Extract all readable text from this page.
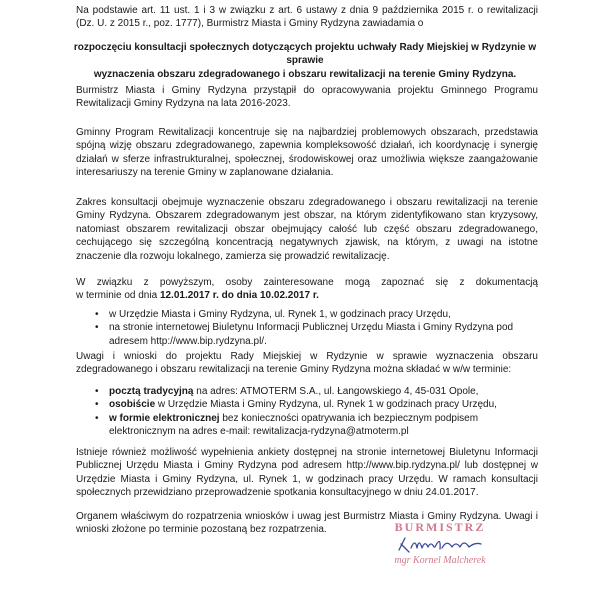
Na podstawie art. 11 ust. 1 i 3 w związku z art. 6 ustawy z dnia 9 października 2015 r. o rewitalizacji
(Dz. U. z 2015 r., poz. 1777), Burmistrz Miasta i Gminy Rydzyna zawiadamia o

rozpoczęciu konsultacji społecznych dotyczących projektu uchwały Rady Miejskiej w Rydzynie w sprawie
wyznaczenia obszaru zdegradowanego i obszaru rewitalizacji na terenie Gminy Rydzyna.

Burmistrz Miasta i Gminy Rydzyna przystąpił do opracowywania projektu Gminnego Programu Rewitalizacji Gminy Rydzyna na lata 2016-2023.

Gminny Program Rewitalizacji koncentruje się na najbardziej problemowych obszarach, przedstawia spójną wizję obszaru zdegradowanego, zapewnia kompleksowość działań, ich koordynację i synergię działań w sferze infrastrukturalnej, społecznej, środowiskowej oraz umożliwia większe zaangażowanie interesariuszy na terenie Gminy w zaplanowane działania.

Zakres konsultacji obejmuje wyznaczenie obszaru zdegradowanego i obszaru rewitalizacji na terenie Gminy Rydzyna. Obszarem zdegradowanym jest obszar, na którym zidentyfikowano stan kryzysowy, natomiast obszarem rewitalizacji obszar obejmujący całość lub część obszaru zdegradowanego, cechującego się szczególną koncentracją negatywnych zjawisk, na którym, z uwagi na istotne znaczenie dla rozwoju lokalnego, zamierza się prowadzić rewitalizację.

W związku z powyższym, osoby zainteresowane mogą zapoznać się z dokumentacją
w terminie od dnia 12.01.2017 r. do dnia 10.02.2017 r.

• w Urzędzie Miasta i Gminy Rydzyna, ul. Rynek 1, w godzinach pracy Urzędu,
• na stronie internetowej Biuletynu Informacji Publicznej Urzędu Miasta i Gminy Rydzyna pod adresem http://www.bip.rydzyna.pl/.

Uwagi i wnioski do projektu Rady Miejskiej w Rydzynie w sprawie wyznaczenia obszaru zdegradowanego i obszaru rewitalizacji na terenie Gminy Rydzyna można składać w w/w terminie:

• pocztą tradycyjną na adres: ATMOTERM S.A., ul. Łangowskiego 4, 45-031 Opole,
• osobiście w Urzędzie Miasta i Gminy Rydzyna, ul. Rynek 1 w godzinach pracy Urzędu,
• w formie elektronicznej bez konieczności opatrywania ich bezpiecznym podpisem elektronicznym na adres e-mail: rewitalizacja-rydzyna@atmoterm.pl

Istnieje również możliwość wypełnienia ankiety dostępnej na stronie internetowej Biuletynu Informacji Publicznej Urzędu Miasta i Gminy Rydzyna pod adresem http://www.bip.rydzyna.pl/ lub dostępnej w Urzędzie Miasta i Gminy Rydzyna, ul. Rynek 1, w godzinach pracy Urzędu. W ramach konsultacji społecznych przewidziano przeprowadzenie spotkania konsultacyjnego w dniu 24.01.2017.

Organem właściwym do rozpatrzenia wniosków i uwag jest Burmistrz Miasta i Gminy Rydzyna. Uwagi i wnioski złożone po terminie pozostaną bez rozpatrzenia.	BURMISTRZ
mgr Kornel Malcherek
